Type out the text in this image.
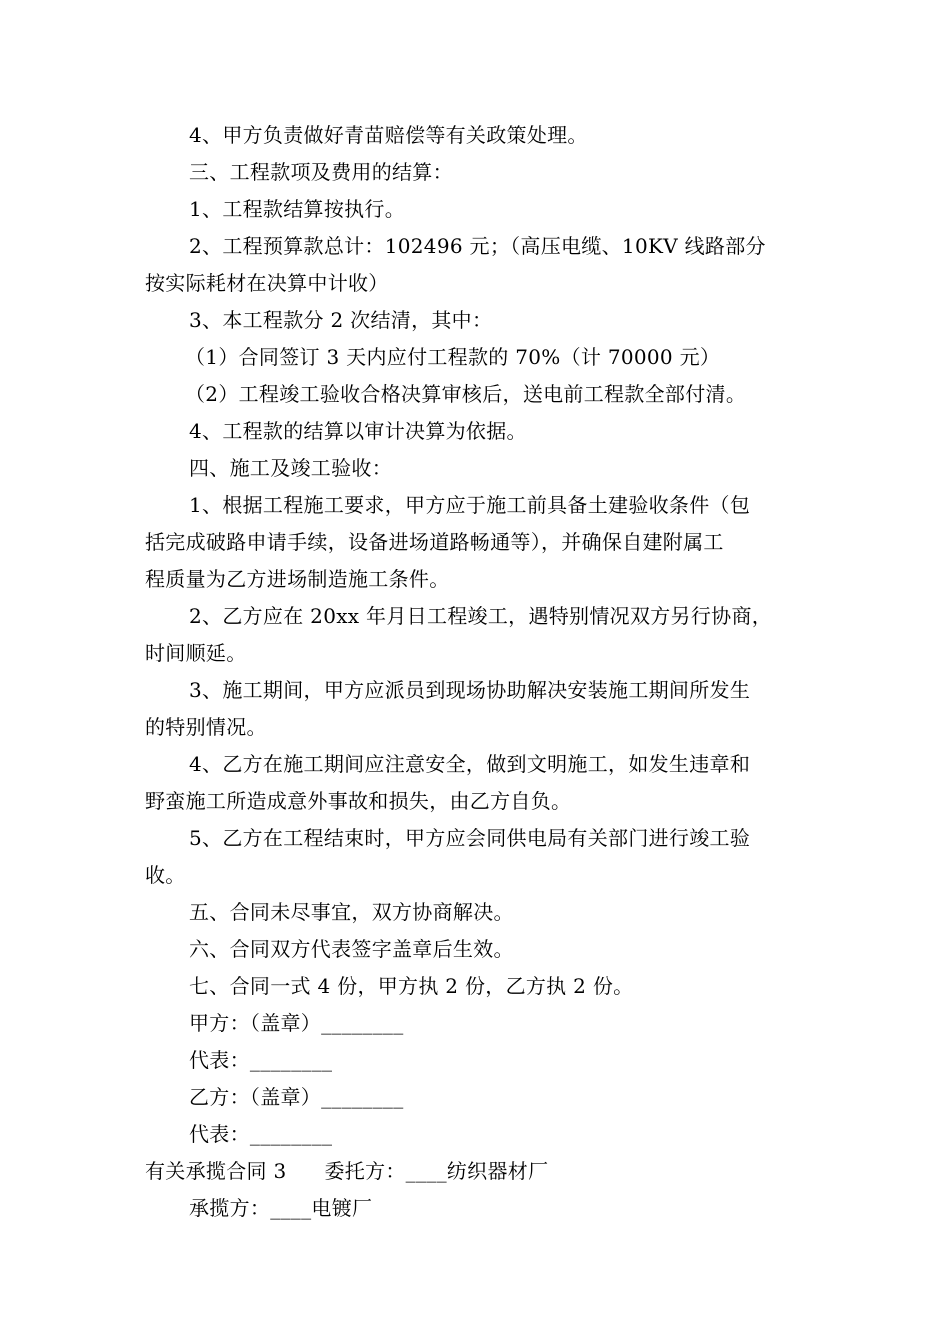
4、甲方负责做好青苗赔偿等有关政策处理。
三、工程款项及费用的结算：
1、工程款结算按执行。
2、工程预算款总计：102496 元；（高压电缆、10KV 线路部分
按实际耗材在决算中计收）
3、本工程款分 2 次结清，其中：
（1）合同签订 3 天内应付工程款的 70%（计 70000 元）
（2）工程竣工验收合格决算审核后，送电前工程款全部付清。
4、工程款的结算以审计决算为依据。
四、施工及竣工验收：
1、根据工程施工要求，甲方应于施工前具备土建验收条件（包
括完成破路申请手续，设备进场道路畅通等），并确保自建附属工
程质量为乙方进场制造施工条件。
2、乙方应在 20xx 年月日工程竣工，遇特别情况双方另行协商，
时间顺延。
3、施工期间，甲方应派员到现场协助解决安装施工期间所发生
的特别情况。
4、乙方在施工期间应注意安全，做到文明施工，如发生违章和
野蛮施工所造成意外事故和损失，由乙方自负。
5、乙方在工程结束时，甲方应会同供电局有关部门进行竣工验
收。
五、合同未尽事宜，双方协商解决。
六、合同双方代表签字盖章后生效。
七、合同一式 4 份，甲方执 2 份，乙方执 2 份。
甲方：（盖章）________
代表：________
乙方：（盖章）________
代表：________
有关承揽合同 3 委托方：____纺织器材厂
承揽方：____电镀厂
